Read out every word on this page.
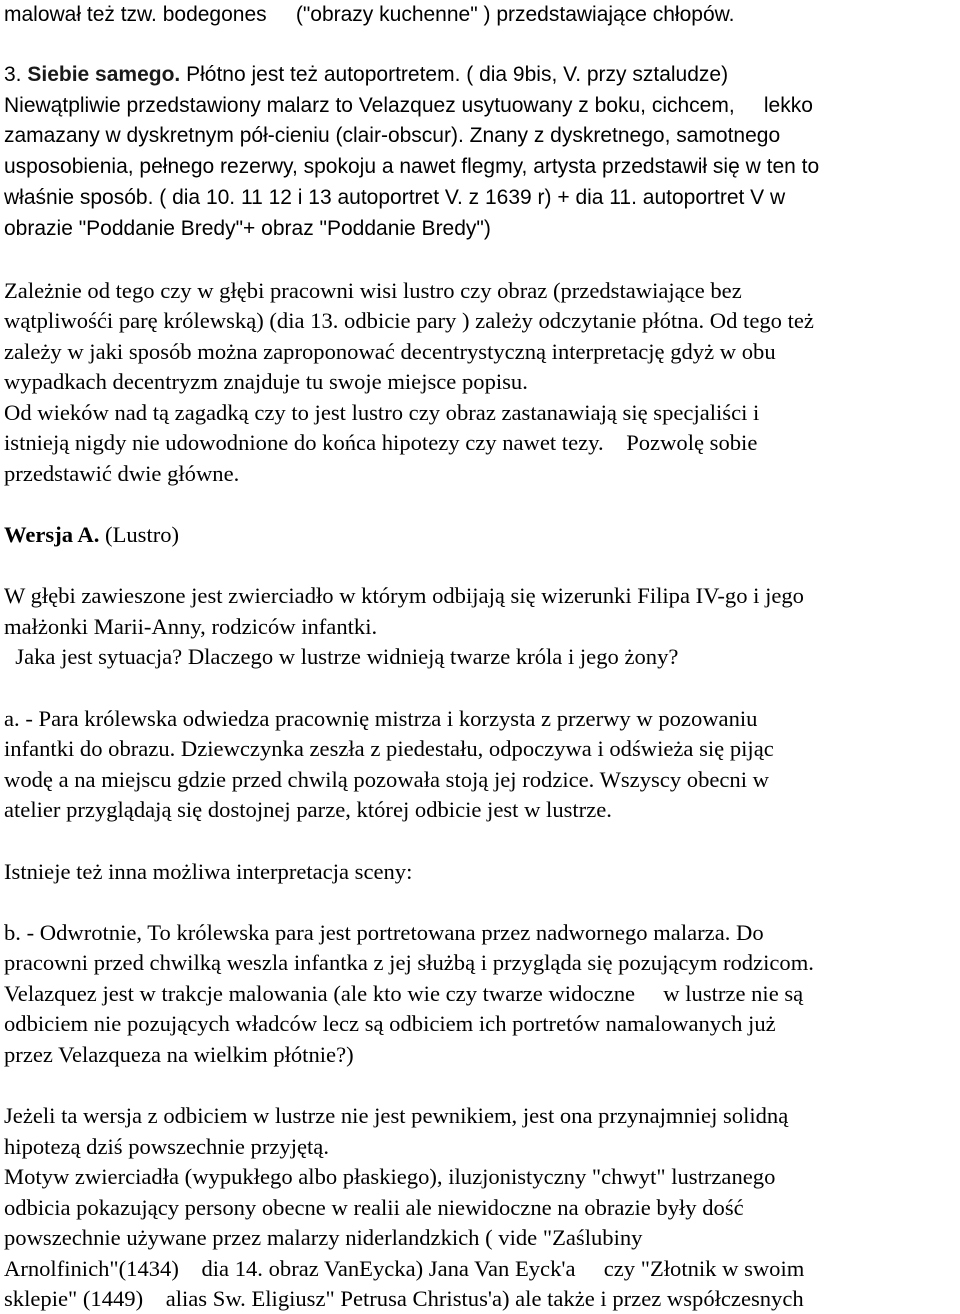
malował też tzw. bodegones     ("obrazy kuchenne" ) przedstawiające chłopów.
3. Siebie samego. Płótno jest też autoportretem. ( dia 9bis, V. przy sztaludze)
Niewątpliwie przedstawiony malarz to Velazquez usytuowany z boku, cichcem,     lekko
zamazany w dyskretnym pół-cieniu (clair-obscur). Znany z dyskretnego, samotnego
usposobienia, pełnego rezerwy, spokoju a nawet flegmy, artysta przedstawił się w ten to
właśnie sposób. ( dia 10. 11 12 i 13 autoportret V. z 1639 r) + dia 11. autoportret V w
obrazie "Poddanie Bredy"+ obraz "Poddanie Bredy")
Zależnie od tego czy w głębi pracowni wisi lustro czy obraz (przedstawiające bez
wątpliwośći parę królewską) (dia 13. odbicie pary ) zależy odczytanie płótna. Od tego też
zależy w jaki sposób można zaproponować decentrystyczną interpretację gdyż w obu
wypadkach decentryzm znajduje tu swoje miejsce popisu.
Od wieków nad tą zagadką czy to jest lustro czy obraz zastanawiają się specjaliści i
istnieją nigdy nie udowodnione do końca hipotezy czy nawet tezy.    Pozwolę sobie
przedstawić dwie główne.
Wersja A. (Lustro)
W głębi zawieszone jest zwierciadło w którym odbijają się wizerunki Filipa IV-go i jego
małżonki Marii-Anny, rodziców infantki.
Jaka jest sytuacja? Dlaczego w lustrze widnieją twarze króla i jego żony?
a. - Para królewska odwiedza pracownię mistrza i korzysta z przerwy w pozowaniu
infantki do obrazu. Dziewczynka zeszła z piedestału, odpoczywa i odświeża się pijąc
wodę a na miejscu gdzie przed chwilą pozowała stoją jej rodzice. Wszyscy obecni w
atelier przyglądają się dostojnej parze, której odbicie jest w lustrze.
Istnieje też inna możliwa interpretacja sceny:
b. - Odwrotnie, To królewska para jest portretowana przez nadwornego malarza. Do
pracowni przed chwilką weszla infantka z jej służbą i przygląda się pozującym rodzicom.
Velazquez jest w trakcje malowania (ale kto wie czy twarze widoczne     w lustrze nie są
odbiciem nie pozujących władców lecz są odbiciem ich portretów namalowanych już
przez Velazqueza na wielkim płótnie?)
Jeżeli ta wersja z odbiciem w lustrze nie jest pewnikiem, jest ona przynajmniej solidną
hipotezą dziś powszechnie przyjętą.
Motyw zwierciadła (wypukłego albo płaskiego), iluzjonistyczny "chwyt" lustrzanego
odbicia pokazujący persony obecne w realii ale niewidoczne na obrazie były dość
powszechnie używane przez malarzy niderlandzkich ( vide "Zaślubiny
Arnolfinich"(1434)    dia 14. obraz VanEycka) Jana Van Eyck'a     czy "Złotnik w swoim
sklepie" (1449)    alias Sw. Eligiusz" Petrusa Christus'a) ale także i przez współczesnych
